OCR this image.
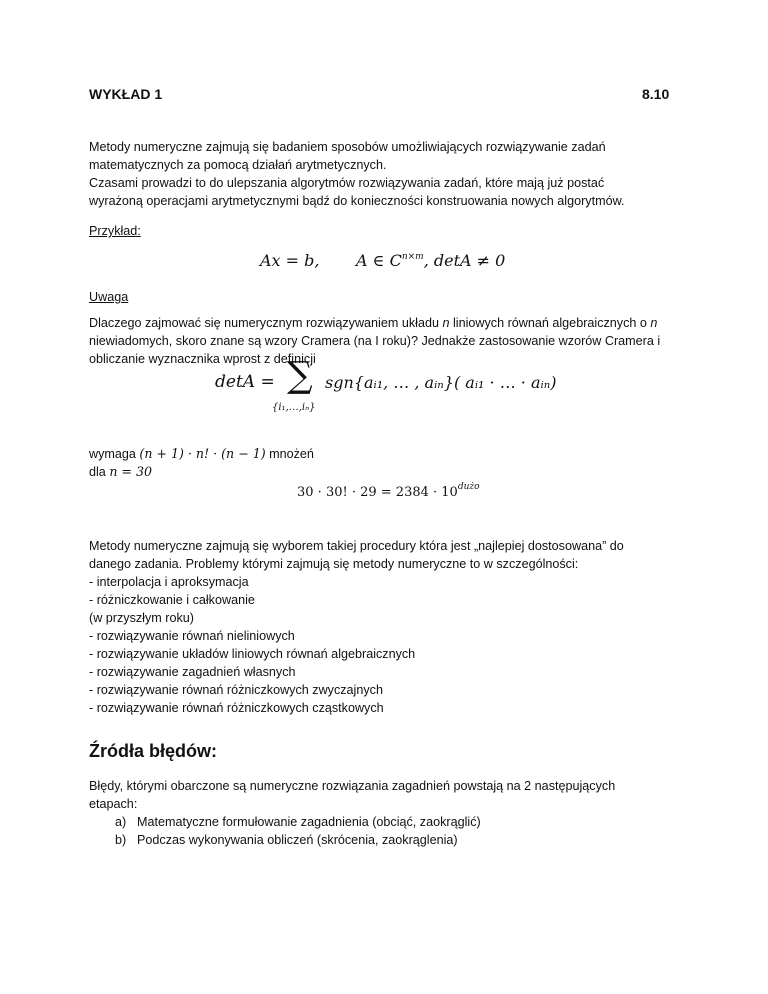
WYKŁAD 1	8.10
Metody numeryczne zajmują się badaniem sposobów umożliwiających rozwiązywanie zadań
matematycznych za pomocą działań arytmetycznych.
Czasami prowadzi to do ulepszania algorytmów rozwiązywania zadań, które mają już postać
wyrażoną operacjami arytmetycznymi bądź do konieczności konstruowania nowych algorytmów.
Przykład:
Ax = b, A ∈ $C^{n\times m}$, detA ≠ 0
Uwaga
Dlaczego zajmować się numerycznym rozwiązywaniem układu n liniowych równań algebraicznych o n
niewiadomych, skoro znane są wzory Cramera (na I roku)? Jednakże zastosowanie wzorów Cramera i
obliczanie wyznacznika wprost z definicji
detA = ∑
{i₁,…,iₙ}
sgn{aᵢ₁, … , aᵢₙ}( aᵢ₁ · … · aᵢₙ)
wymaga (n + 1) · n! · (n − 1) mnożeń
dla n = 30
30 · 30! · $29 = 2384 \cdot 10^{dużo}$
Metody numeryczne zajmują się wyborem takiej procedury która jest „najlepiej dostosowana” do
danego zadania. Problemy którymi zajmują się metody numeryczne to w szczególności:
- interpolacja i aproksymacja
- różniczkowanie i całkowanie
(w przyszłym roku)
- rozwiązywanie równań nieliniowych
- rozwiązywanie układów liniowych równań algebraicznych
- rozwiązywanie zagadnień własnych
- rozwiązywanie równań różniczkowych zwyczajnych
- rozwiązywanie równań różniczkowych cząstkowych
Źródła błędów:
Błędy, którymi obarczone są numeryczne rozwiązania zagadnień powstają na 2 następujących
etapach:
a) Matematyczne formułowanie zagadnienia (obciąć, zaokrąglić)
b) Podczas wykonywania obliczeń (skrócenia, zaokrąglenia)
